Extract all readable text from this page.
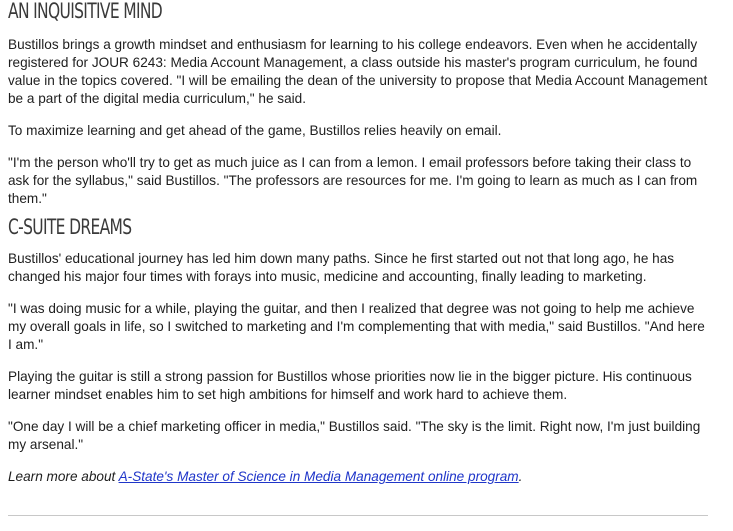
AN INQUISITIVE MIND

Bustillos brings a growth mindset and enthusiasm for learning to his college endeavors. Even when he accidentally registered for JOUR 6243: Media Account Management, a class outside his master's program curriculum, he found value in the topics covered. "I will be emailing the dean of the university to propose that Media Account Management be a part of the digital media curriculum," he said.

To maximize learning and get ahead of the game, Bustillos relies heavily on email.

"I'm the person who'll try to get as much juice as I can from a lemon. I email professors before taking their class to ask for the syllabus," said Bustillos. "The professors are resources for me. I'm going to learn as much as I can from them."

C-SUITE DREAMS

Bustillos' educational journey has led him down many paths. Since he first started out not that long ago, he has changed his major four times with forays into music, medicine and accounting, finally leading to marketing.

"I was doing music for a while, playing the guitar, and then I realized that degree was not going to help me achieve my overall goals in life, so I switched to marketing and I'm complementing that with media," said Bustillos. "And here I am."

Playing the guitar is still a strong passion for Bustillos whose priorities now lie in the bigger picture. His continuous learner mindset enables him to set high ambitions for himself and work hard to achieve them.

"One day I will be a chief marketing officer in media," Bustillos said. "The sky is the limit. Right now, I'm just building my arsenal."

Learn more about A-State's Master of Science in Media Management online program.
